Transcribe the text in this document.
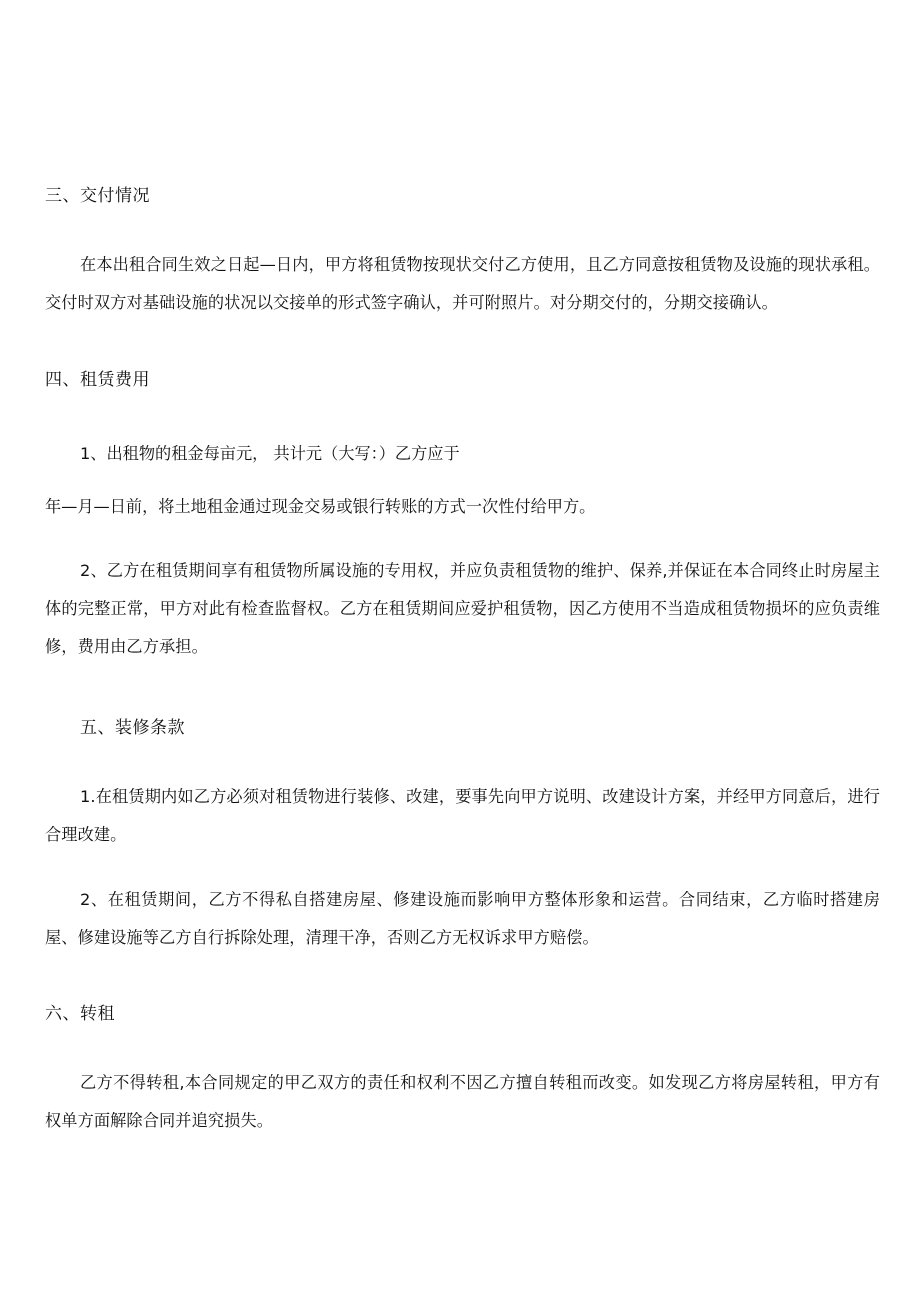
三、交付情况
在本出租合同生效之日起—日内，甲方将租赁物按现状交付乙方使用，且乙方同意按租赁物及设施的现状承租。交付时双方对基础设施的状况以交接单的形式签字确认，并可附照片。对分期交付的，分期交接确认。
四、租赁费用
1、出租物的租金每亩元， 共计元（大写：）乙方应于
年—月—日前，将土地租金通过现金交易或银行转账的方式一次性付给甲方。
2、乙方在租赁期间享有租赁物所属设施的专用权，并应负责租赁物的维护、保养,并保证在本合同终止时房屋主体的完整正常，甲方对此有检查监督权。乙方在租赁期间应爱护租赁物，因乙方使用不当造成租赁物损坏的应负责维修，费用由乙方承担。
五、装修条款
1.在租赁期内如乙方必须对租赁物进行装修、改建，要事先向甲方说明、改建设计方案，并经甲方同意后，进行合理改建。
2、在租赁期间，乙方不得私自搭建房屋、修建设施而影响甲方整体形象和运营。合同结束，乙方临时搭建房屋、修建设施等乙方自行拆除处理，清理干净，否则乙方无权诉求甲方赔偿。
六、转租
乙方不得转租,本合同规定的甲乙双方的责任和权利不因乙方擅自转租而改变。如发现乙方将房屋转租，甲方有权单方面解除合同并追究损失。
